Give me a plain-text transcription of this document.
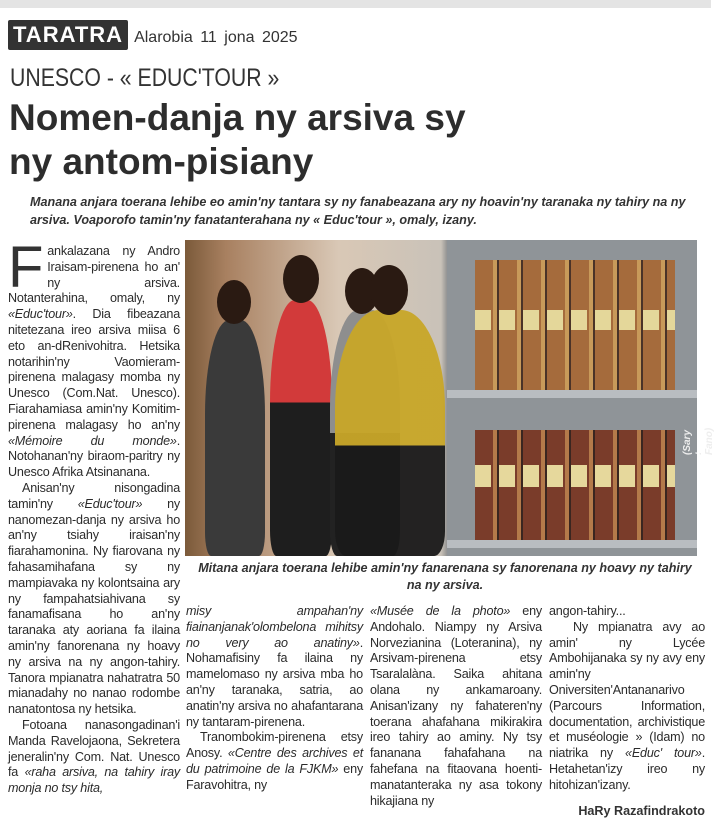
TARATRA Alarobia 11 jona 2025
UNESCO - « EDUC'TOUR »
Nomen-danja ny arsiva sy
ny antom-pisiany
Manana anjara toerana lehibe eo amin'ny tantara sy ny fanabeazana ary ny hoavin'ny taranaka ny tahiry na ny arsiva. Voaporofo tamin'ny fanatanterahana ny « Educ'tour », omaly, izany.

Fankalazana ny Andro Iraisam-pirenena ho an' ny arsiva. Notanterahina, omaly, ny «Educ'tour». Dia fibeazana nitetezana ireo arsiva miisa 6 eto an-dRenivohitra. Hetsika notarihin'ny Vaomieram-pirenena malagasy momba ny Unesco (Com.Nat. Unesco). Fiarahamiasa amin'ny Komitim-pirenena malagasy ho an'ny «Mémoire du monde». Notohanan'ny biraom-paritry ny Unesco Afrika Atsinanana.

Anisan'ny nisongadina tamin'ny «Educ'tour» ny nanomezan-danja ny arsiva ho an'ny tsiahy iraisan'ny fiarahamonina. Ny fiarovana ny fahasamihafana sy ny mampiavaka ny kolontsaina ary ny fampahatsiahivana sy fanamafisana ho an'ny taranaka aty aoriana fa ilaina amin'ny fanorenana ny hoavy ny arsiva na ny angon-tahiry. Tanora mpianatra nahatratra 50 mianadahy no nanao rodombe nanatontosa ny hetsika.

Fotoana nanasongadinan'i Manda Ravelojaona, Sekretera jeneralin'ny Com. Nat. Unesco fa «raha arsiva, na tahiry iray monja no tsy hita,

(Sary : Fano)
Mitana anjara toerana lehibe amin'ny fanarenana sy fanorenana ny hoavy ny tahiry na ny arsiva.

misy ampahan'ny fiainanjanak'olombelona mihitsy no very ao anatiny». Nohamafisiny fa ilaina ny mamelomaso ny arsiva mba ho an'ny taranaka, satria, ao anatin'ny arsiva no ahafantarana ny tantaram-pirenena.

Tranombokim-pirenena etsy Anosy. «Centre des archives et du patrimoine de la FJKM» eny Faravohitra, ny

«Musée de la photo» eny Andohalo. Niampy ny Arsiva Norvezianina (Loteranina), ny Arsivam-pirenena etsy Tsaralalàna. Saika ahitana olana ny ankamaroany. Anisan'izany ny fahateren'ny toerana ahafahana mikirakira ireo tahiry ao aminy. Ny tsy fananana fahafahana na fahefana na fitaovana hoenti-manatanteraka ny asa tokony hikajiana ny

angon-tahiry...

Ny mpianatra avy ao amin' ny Lycée Ambohijanaka sy ny avy eny amin'ny Oniversiten'Antananarivo (Parcours Information, documentation, archivistique et muséologie » (Idam) no niatrika ny «Educ' tour». Hetahetan'izy ireo ny hitohizan'izany.

HaRy Razafindrakoto
